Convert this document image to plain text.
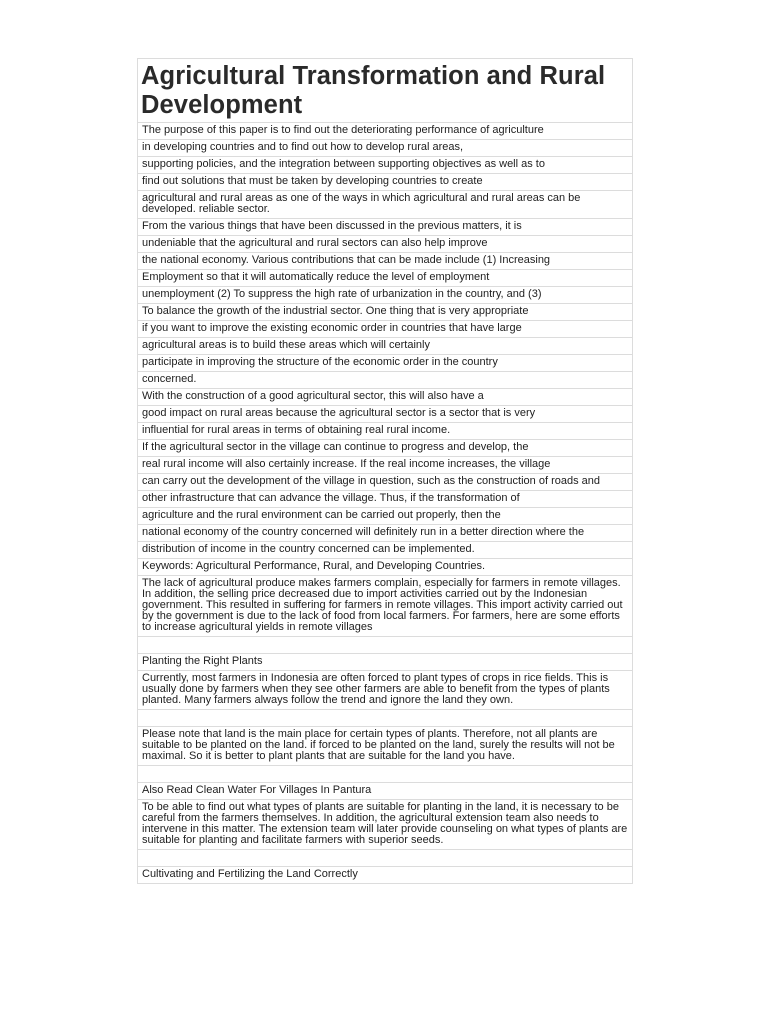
Agricultural Transformation and Rural Development
The purpose of this paper is to find out the deteriorating performance of agriculture
in developing countries and to find out how to develop rural areas,
supporting policies, and the integration between supporting objectives as well as to
find out solutions that must be taken by developing countries to create
agricultural and rural areas as one of the ways in which agricultural and rural areas can be developed. reliable sector.
From the various things that have been discussed in the previous matters, it is
undeniable that the agricultural and rural sectors can also help improve
the national economy. Various contributions that can be made include (1) Increasing
Employment so that it will automatically reduce the level of employment
unemployment (2) To suppress the high rate of urbanization in the country, and (3)
To balance the growth of the industrial sector. One thing that is very appropriate
if you want to improve the existing economic order in countries that have large
agricultural areas is to build these areas which will certainly
participate in improving the structure of the economic order in the country
concerned.
With the construction of a good agricultural sector, this will also have a
good impact on rural areas because the agricultural sector is a sector that is very
influential for rural areas in terms of obtaining real rural income.
If the agricultural sector in the village can continue to progress and develop, the
real rural income will also certainly increase. If the real income increases, the village
can carry out the development of the village in question, such as the construction of roads and
other infrastructure that can advance the village. Thus, if the transformation of
agriculture and the rural environment can be carried out properly, then the
national economy of the country concerned will definitely run in a better direction where the
distribution of income in the country concerned can be implemented.
Keywords: Agricultural Performance, Rural, and Developing Countries.
The lack of agricultural produce makes farmers complain, especially for farmers in remote villages. In addition, the selling price decreased due to import activities carried out by the Indonesian government. This resulted in suffering for farmers in remote villages. This import activity carried out by the government is due to the lack of food from local farmers. For farmers, here are some efforts to increase agricultural yields in remote villages
Planting the Right Plants
Currently, most farmers in Indonesia are often forced to plant types of crops in rice fields. This is usually done by farmers when they see other farmers are able to benefit from the types of plants planted. Many farmers always follow the trend and ignore the land they own.
Please note that land is the main place for certain types of plants. Therefore, not all plants are suitable to be planted on the land. if forced to be planted on the land, surely the results will not be maximal. So it is better to plant plants that are suitable for the land you have.
Also Read Clean Water For Villages In Pantura
To be able to find out what types of plants are suitable for planting in the land, it is necessary to be careful from the farmers themselves. In addition, the agricultural extension team also needs to intervene in this matter. The extension team will later provide counseling on what types of plants are suitable for planting and facilitate farmers with superior seeds.
Cultivating and Fertilizing the Land Correctly
